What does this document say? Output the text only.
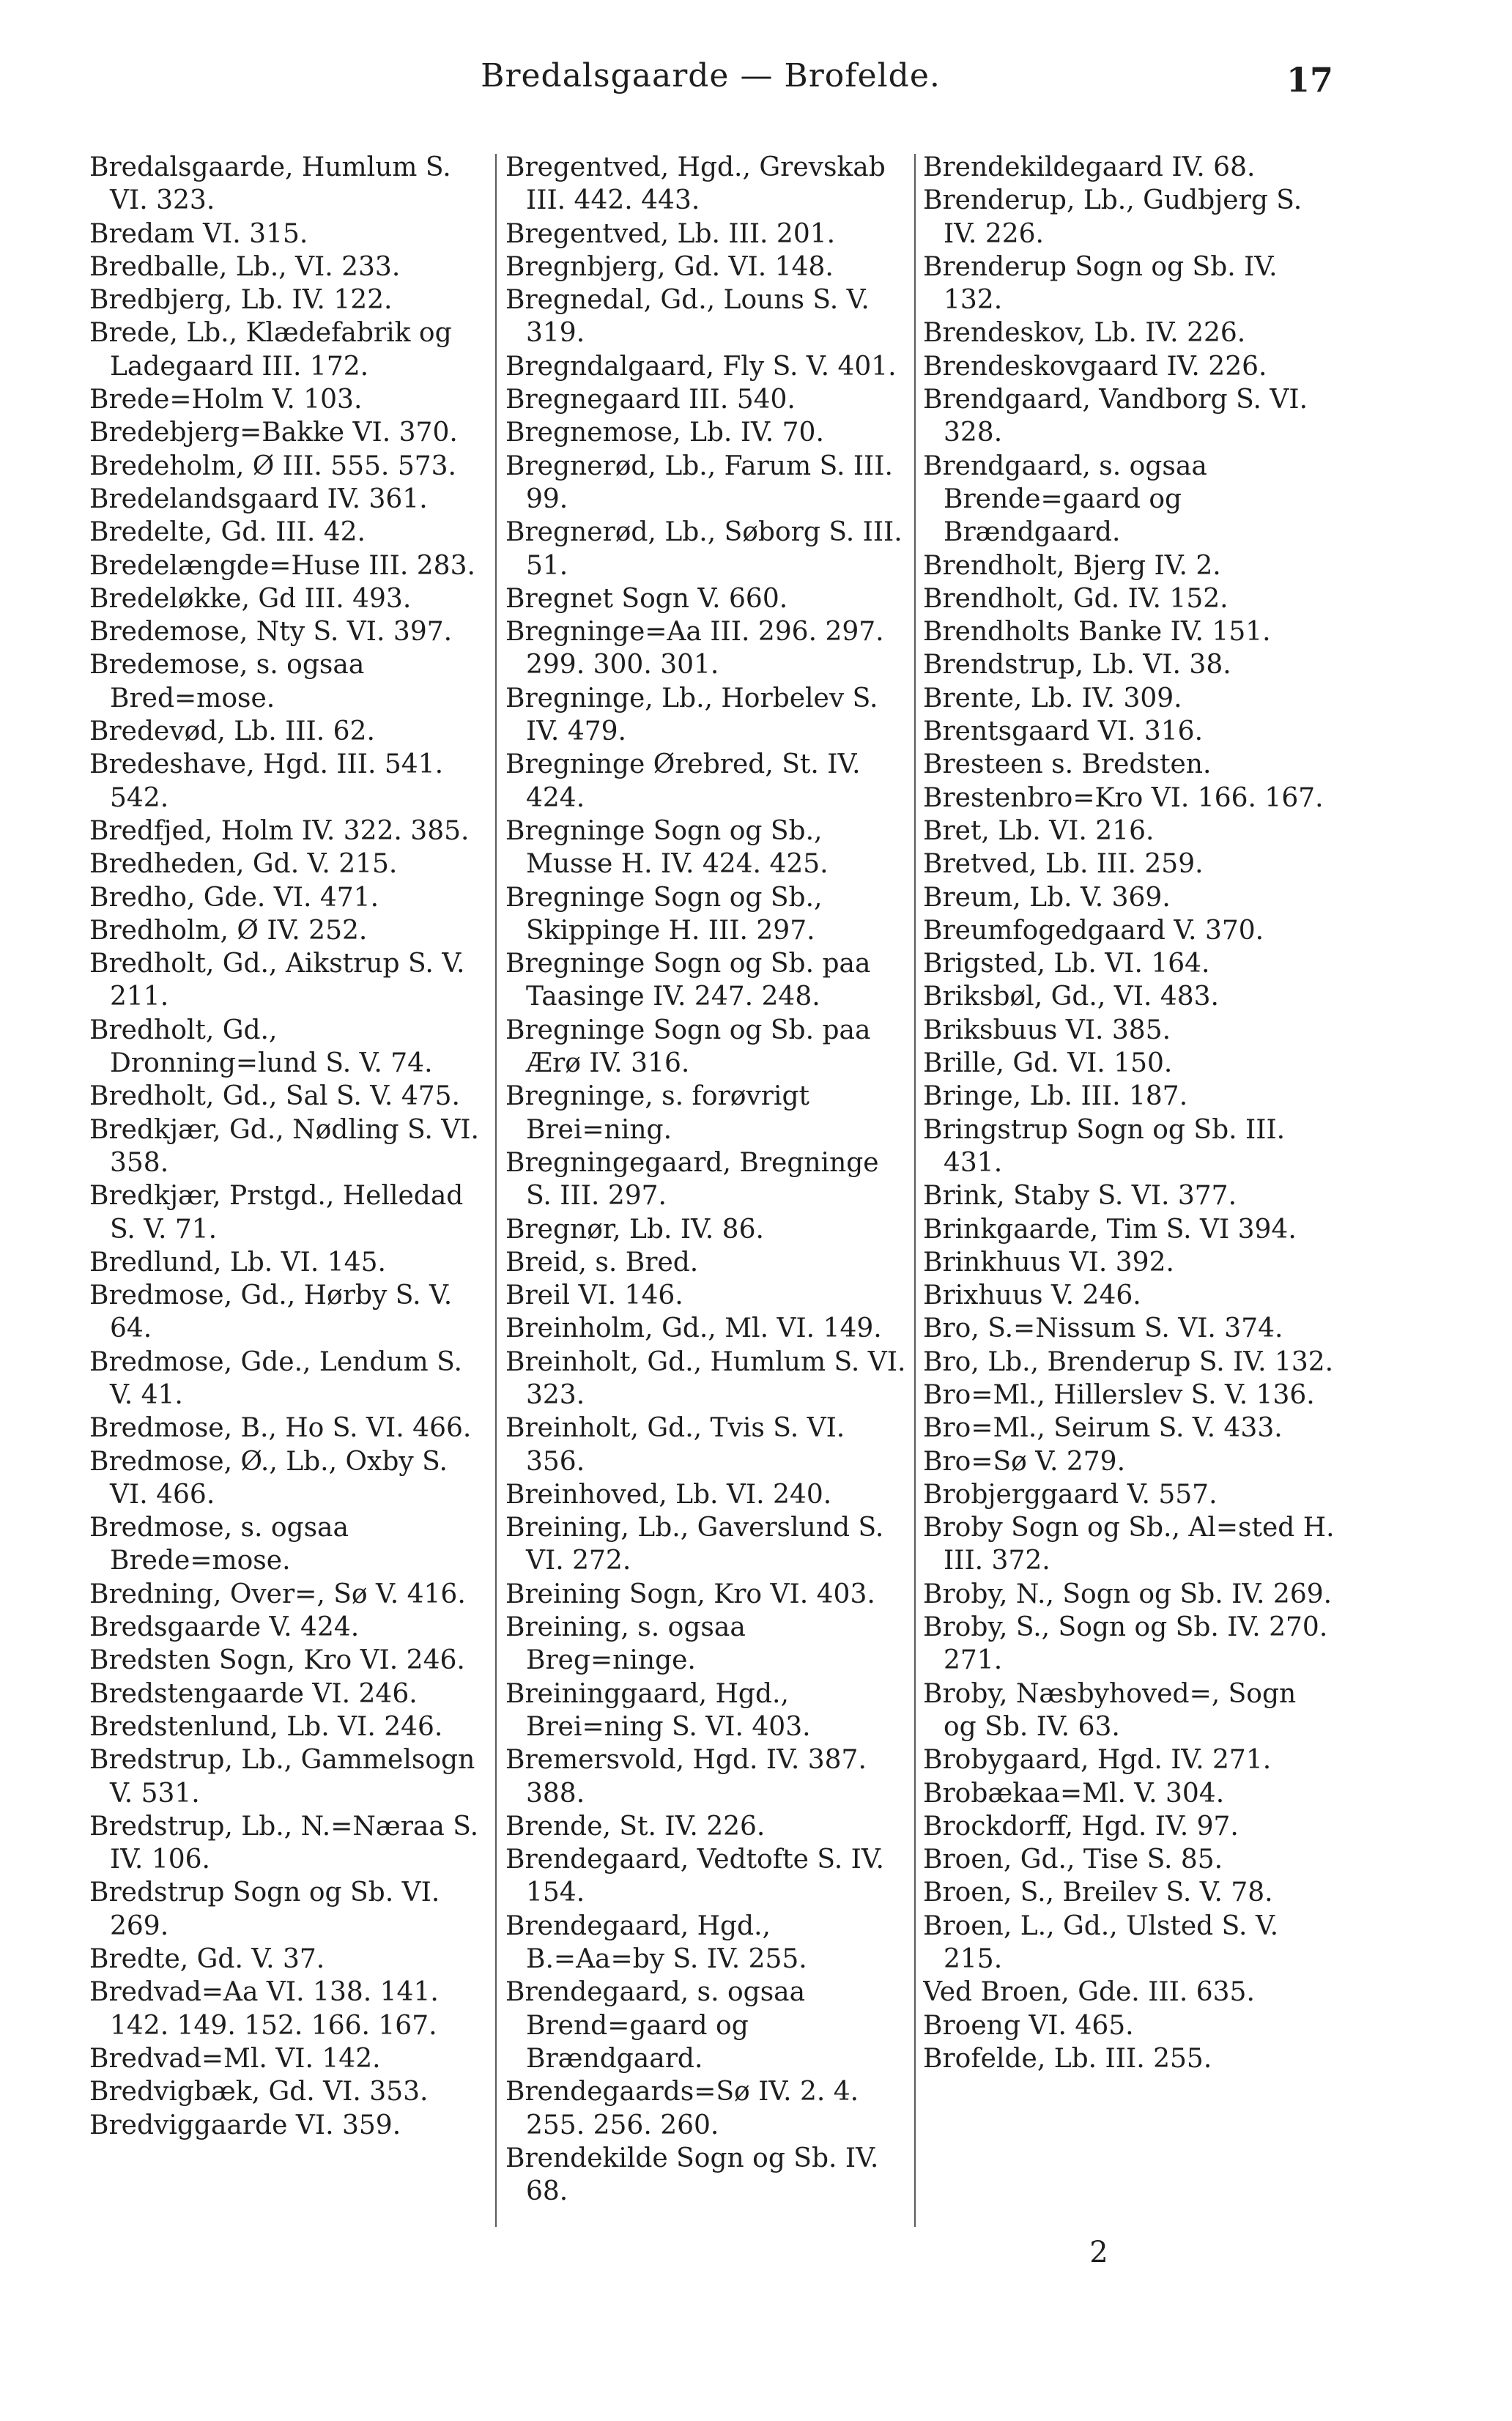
Bredalsgaarde — Brofelde.	17
Bredalsgaarde, Humlum S. VI. 323.
Bredam VI. 315.
Bredballe, Lb., VI. 233.
Bredbjerg, Lb. IV. 122.
Brede, Lb., Klædefabrik og Ladegaard III. 172.
Brede=Holm V. 103.
Bredebjerg=Bakke VI. 370.
Bredeholm, Ø III. 555. 573.
Bredelandsgaard IV. 361.
Bredelte, Gd. III. 42.
Bredelængde=Huse III. 283.
Bredeløkke, Gd III. 493.
Bredemose, Nty S. VI. 397.
Bredemose, s. ogsaa Bred=mose.
Bredevød, Lb. III. 62.
Bredeshave, Hgd. III. 541. 542.
Bredfjed, Holm IV. 322. 385.
Bredheden, Gd. V. 215.
Bredho, Gde. VI. 471.
Bredholm, Ø IV. 252.
Bredholt, Gd., Aikstrup S. V. 211.
Bredholt, Gd., Dronning=lund S. V. 74.
Bredholt, Gd., Sal S. V. 475.
Bredkjær, Gd., Nødling S. VI. 358.
Bredkjær, Prstgd., Helledad S. V. 71.
Bredlund, Lb. VI. 145.
Bredmose, Gd., Hørby S. V. 64.
Bredmose, Gde., Lendum S. V. 41.
Bredmose, B., Ho S. VI. 466.
Bredmose, Ø., Lb., Oxby S. VI. 466.
Bredmose, s. ogsaa Brede=mose.
Bredning, Over=, Sø V. 416.
Bredsgaarde V. 424.
Bredsten Sogn, Kro VI. 246.
Bredstengaarde VI. 246.
Bredstenlund, Lb. VI. 246.
Bredstrup, Lb., Gammelsogn V. 531.
Bredstrup, Lb., N.=Næraa S. IV. 106.
Bredstrup Sogn og Sb. VI. 269.
Bredte, Gd. V. 37.
Bredvad=Aa VI. 138. 141. 142. 149. 152. 166. 167.
Bredvad=Ml. VI. 142.
Bredvigbæk, Gd. VI. 353.
Bredviggaarde VI. 359.
Bregentved, Hgd., Grevskab III. 442. 443.
Bregentved, Lb. III. 201.
Bregnbjerg, Gd. VI. 148.
Bregnedal, Gd., Louns S. V. 319.
Bregndalgaard, Fly S. V. 401.
Bregnegaard III. 540.
Bregnemose, Lb. IV. 70.
Bregnerød, Lb., Farum S. III. 99.
Bregnerød, Lb., Søborg S. III. 51.
Bregnet Sogn V. 660.
Bregninge=Aa III. 296. 297. 299. 300. 301.
Bregninge, Lb., Horbelev S. IV. 479.
Bregninge Ørebred, St. IV. 424.
Bregninge Sogn og Sb., Musse H. IV. 424. 425.
Bregninge Sogn og Sb., Skippinge H. III. 297.
Bregninge Sogn og Sb. paa Taasinge IV. 247. 248.
Bregninge Sogn og Sb. paa Ærø IV. 316.
Bregninge, s. forøvrigt Brei=ning.
Bregningegaard, Bregninge S. III. 297.
Bregnør, Lb. IV. 86.
Breid, s. Bred.
Breil VI. 146.
Breinholm, Gd., Ml. VI. 149.
Breinholt, Gd., Humlum S. VI. 323.
Breinholt, Gd., Tvis S. VI. 356.
Breinhoved, Lb. VI. 240.
Breining, Lb., Gaverslund S. VI. 272.
Breining Sogn, Kro VI. 403.
Breining, s. ogsaa Breg=ninge.
Breininggaard, Hgd., Brei=ning S. VI. 403.
Bremersvold, Hgd. IV. 387. 388.
Brende, St. IV. 226.
Brendegaard, Vedtofte S. IV. 154.
Brendegaard, Hgd., B.=Aa=by S. IV. 255.
Brendegaard, s. ogsaa Brend=gaard og Brændgaard.
Brendegaards=Sø IV. 2. 4. 255. 256. 260.
Brendekilde Sogn og Sb. IV. 68.
Brendekildegaard IV. 68.
Brenderup, Lb., Gudbjerg S. IV. 226.
Brenderup Sogn og Sb. IV. 132.
Brendeskov, Lb. IV. 226.
Brendeskovgaard IV. 226.
Brendgaard, Vandborg S. VI. 328.
Brendgaard, s. ogsaa Brende=gaard og Brændgaard.
Brendholt, Bjerg IV. 2.
Brendholt, Gd. IV. 152.
Brendholts Banke IV. 151.
Brendstrup, Lb. VI. 38.
Brente, Lb. IV. 309.
Brentsgaard VI. 316.
Bresteen s. Bredsten.
Brestenbro=Kro VI. 166. 167.
Bret, Lb. VI. 216.
Bretved, Lb. III. 259.
Breum, Lb. V. 369.
Breumfogedgaard V. 370.
Brigsted, Lb. VI. 164.
Briksbøl, Gd., VI. 483.
Briksbuus VI. 385.
Brille, Gd. VI. 150.
Bringe, Lb. III. 187.
Bringstrup Sogn og Sb. III. 431.
Brink, Staby S. VI. 377.
Brinkgaarde, Tim S. VI 394.
Brinkhuus VI. 392.
Brixhuus V. 246.
Bro, S.=Nissum S. VI. 374.
Bro, Lb., Brenderup S. IV. 132.
Bro=Ml., Hillerslev S. V. 136.
Bro=Ml., Seirum S. V. 433.
Bro=Sø V. 279.
Brobjerggaard V. 557.
Broby Sogn og Sb., Al=sted H. III. 372.
Broby, N., Sogn og Sb. IV. 269.
Broby, S., Sogn og Sb. IV. 270. 271.
Broby, Næsbyhoved=, Sogn og Sb. IV. 63.
Brobygaard, Hgd. IV. 271.
Brobækaa=Ml. V. 304.
Brockdorff, Hgd. IV. 97.
Broen, Gd., Tise S. 85.
Broen, S., Breilev S. V. 78.
Broen, L., Gd., Ulsted S. V. 215.
Ved Broen, Gde. III. 635.
Broeng VI. 465.
Brofelde, Lb. III. 255.
2
